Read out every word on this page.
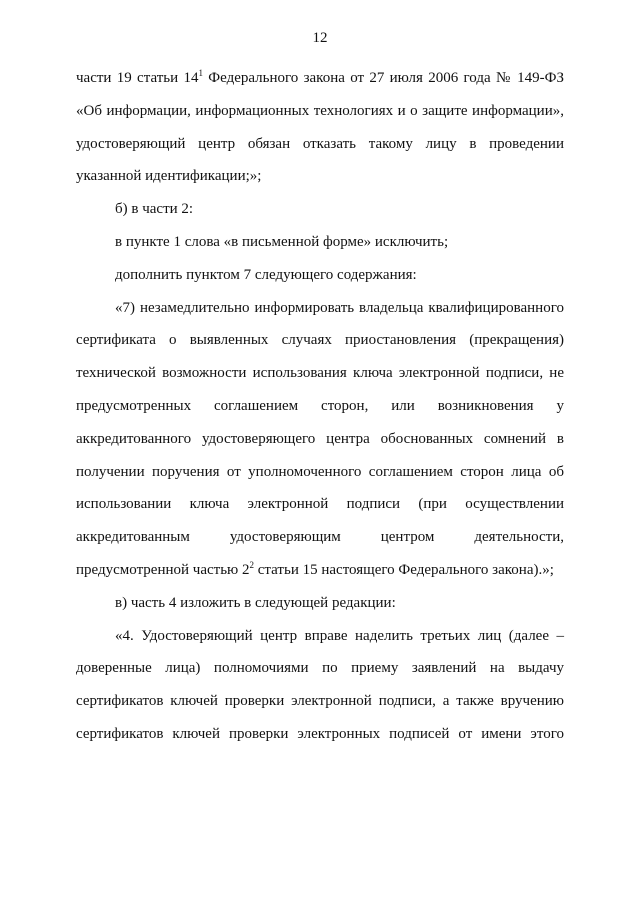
12
части 19 статьи $14^1$ Федерального закона от 27 июля 2006 года № 149-ФЗ
«Об информации, информационных технологиях и о защите информации»,
удостоверяющий центр обязан отказать такому лицу в проведении
указанной идентификации;»;
б) в части 2:
в пункте 1 слова «в письменной форме» исключить;
дополнить пунктом 7 следующего содержания:
«7) незамедлительно информировать владельца квалифицированного
сертификата о выявленных случаях приостановления (прекращения)
технической возможности использования ключа электронной подписи, не
предусмотренных соглашением сторон, или возникновения у
аккредитованного удостоверяющего центра обоснованных сомнений в
получении поручения от уполномоченного соглашением сторон лица об
использовании ключа электронной подписи (при осуществлении
аккредитованным удостоверяющим центром деятельности,
предусмотренной частью $2^2$ статьи 15 настоящего Федерального закона).»;
в) часть 4 изложить в следующей редакции:
«4. Удостоверяющий центр вправе наделить третьих лиц (далее –
доверенные лица) полномочиями по приему заявлений на выдачу
сертификатов ключей проверки электронной подписи, а также вручению
сертификатов ключей проверки электронных подписей от имени этого
